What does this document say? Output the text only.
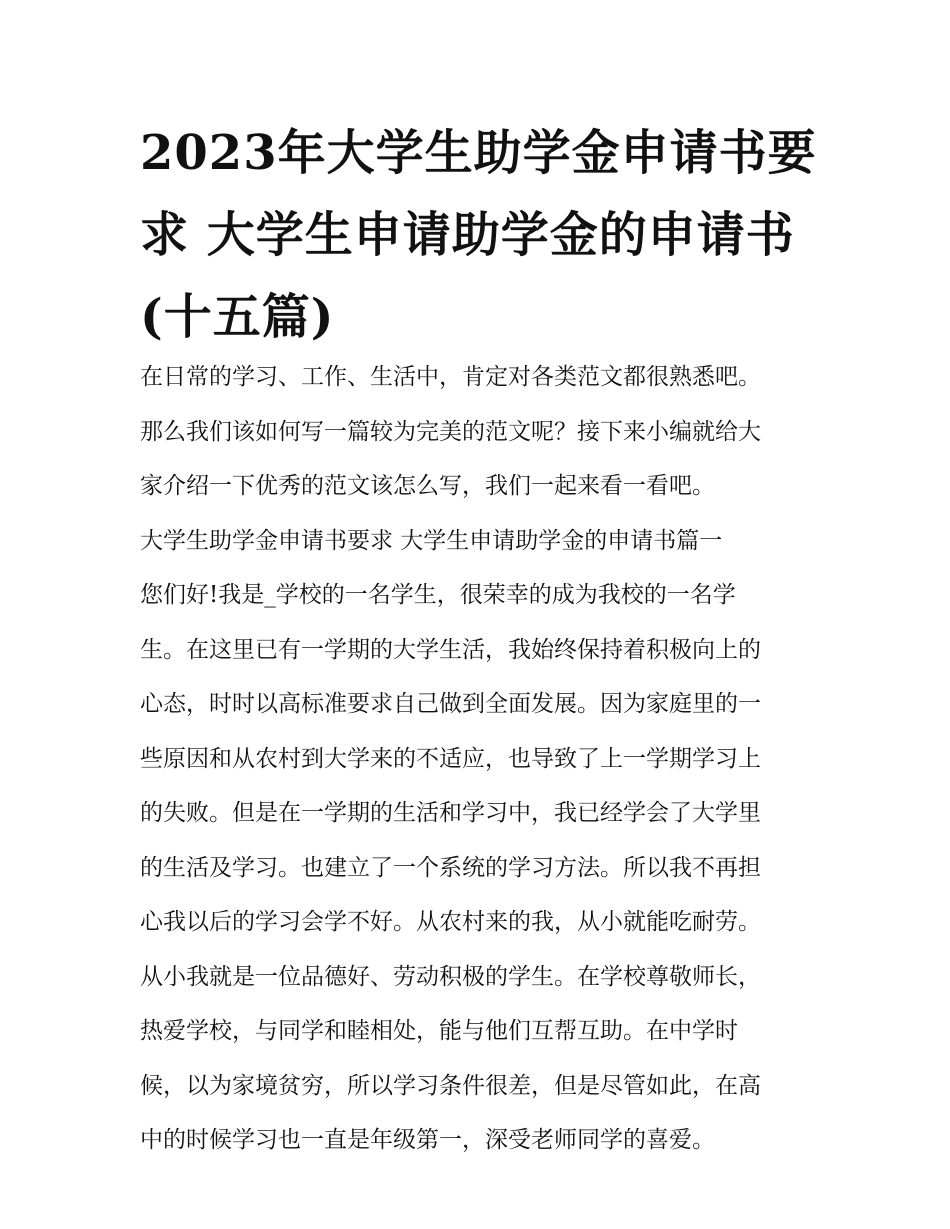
2023年大学生助学金申请书要
求 大学生申请助学金的申请书
(十五篇)
在日常的学习、工作、生活中，肯定对各类范文都很熟悉吧。
那么我们该如何写一篇较为完美的范文呢？接下来小编就给大
家介绍一下优秀的范文该怎么写，我们一起来看一看吧。
大学生助学金申请书要求 大学生申请助学金的申请书篇一
您们好!我是_学校的一名学生，很荣幸的成为我校的一名学
生。在这里已有一学期的大学生活，我始终保持着积极向上的
心态，时时以高标准要求自己做到全面发展。因为家庭里的一
些原因和从农村到大学来的不适应，也导致了上一学期学习上
的失败。但是在一学期的生活和学习中，我已经学会了大学里
的生活及学习。也建立了一个系统的学习方法。所以我不再担
心我以后的学习会学不好。从农村来的我，从小就能吃耐劳。
从小我就是一位品德好、劳动积极的学生。在学校尊敬师长，
热爱学校，与同学和睦相处，能与他们互帮互助。在中学时
候，以为家境贫穷，所以学习条件很差，但是尽管如此，在高
中的时候学习也一直是年级第一，深受老师同学的喜爱。
